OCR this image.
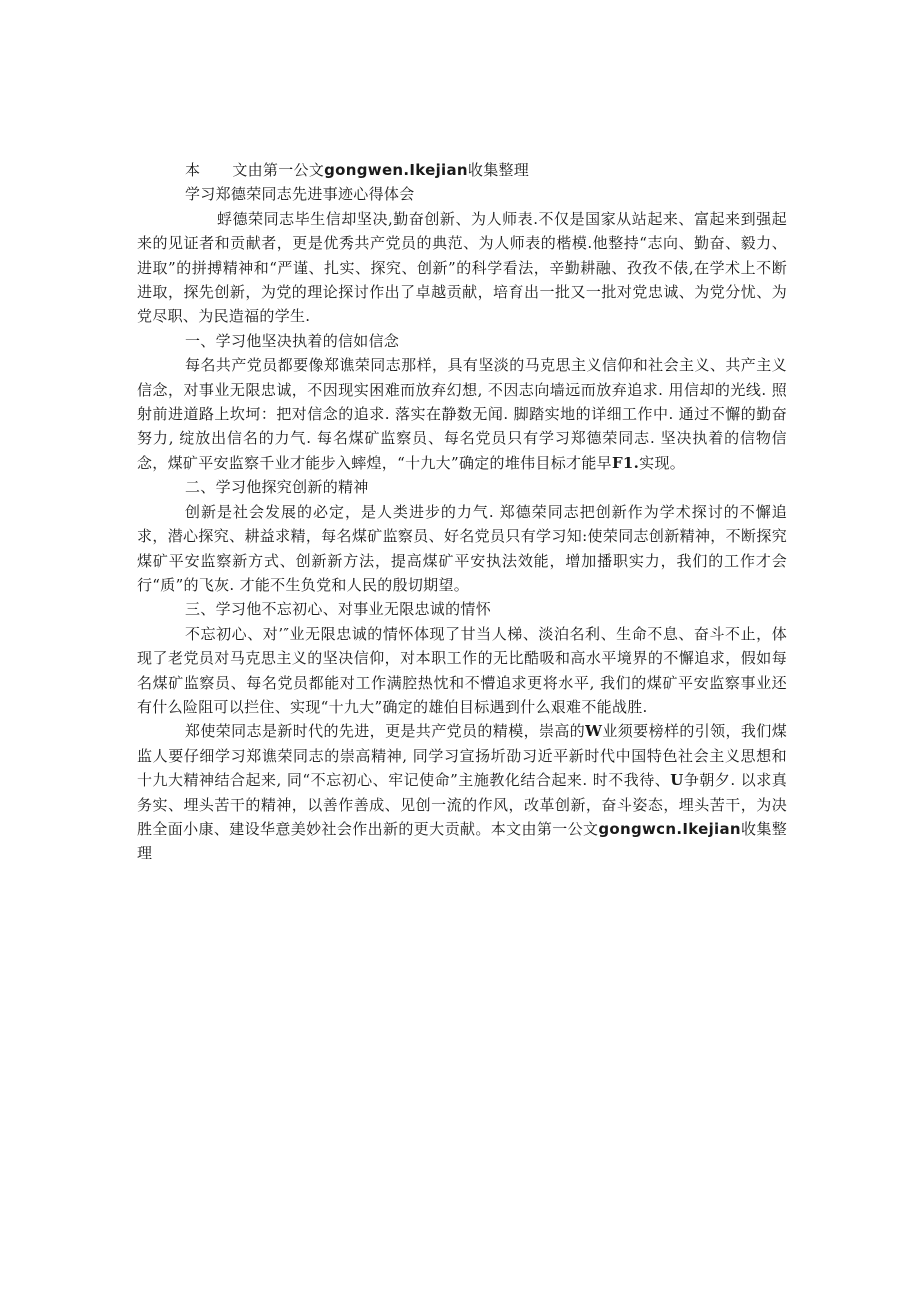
本 文由第一公文gongwen.Ikejian收集整理

学习郑德荣同志先进事迹心得体会

蜉德荣同志毕生信却坚决,勤奋创新、为人师表.不仅是国家从站起来、富起来到强起来的见证者和贡献者，更是优秀共产党员的典范、为人师表的楷模.他整持“志向、勤奋、毅力、进取”的拼搏精神和“严谨、扎实、探究、创新”的科学看法，辛勤耕融、孜孜不俵,在学术上不断进取，探先创新，为党的理论探讨作出了卓越贡献，培育出一批又一批对党忠诚、为党分忧、为党尽职、为民造福的学生.

一、学习他坚决执着的信如信念

每名共产党员都要像郑谯荣同志那样，具有坚淡的马克思主义信仰和社会主义、共产主义信念，对事业无限忠诚，不因现实困难而放弃幻想, 不因志向墙远而放弃追求. 用信却的光线. 照射前进道路上坎坷：把对信念的追求. 落实在静数无闻. 脚踏实地的详细工作中. 通过不懈的勤奋努力, 绽放出信名的力气. 每名煤矿监察员、每名党员只有学习郑德荣同志. 坚决执着的信物信念，煤矿平安监察千业才能步入蟀煌，“十九大”确定的堆伟目标才能早F1.实现。

二、学习他探究创新的精神

创新是社会发展的必定，是人类进步的力气. 郑德荣同志把创新作为学术探讨的不懈追求，潜心探究、耕益求精，每名煤矿监察员、好名党员只有学习知:使荣同志创新精神，不断探究煤矿平安监察新方式、创新新方法，提高煤矿平安执法效能，增加播职实力，我们的工作才会行“质”的飞灰. 才能不生负党和人民的殷切期望。

三、学习他不忘初心、对事业无限忠诚的情怀

不忘初心、对’″业无限忠诚的情怀体现了甘当人梯、淡泊名利、生命不息、奋斗不止，体现了老党员对马克思主义的坚决信仰，对本职工作的无比酷吸和高水平境界的不懈追求，假如每名煤矿监察员、每名党员都能对工作满腔热忱和不懵追求更将水平, 我们的煤矿平安监察事业还有什么险阻可以拦住、实现“十九大”确定的雄伯目标遇到什么艰难不能战胜.

郑使荣同志是新时代的先进，更是共产党员的精模，崇高的W业须要榜样的引领，我们煤监人要仔细学习郑谯荣同志的崇高精神, 同学习宣扬圻劭习近平新时代中国特色社会主义思想和十九大精神结合起来, 同“不忘初心、牢记使命”主施教化结合起来. 时不我待、U争朝夕. 以求真务实、埋头苦干的精神，以善作善成、见创一流的作风，改革创新，奋斗姿态，埋头苦干，为决胜全面小康、建设华意美妙社会作出新的更大贡献。本文由第一公文gongwcn.Ikejian收集整理
